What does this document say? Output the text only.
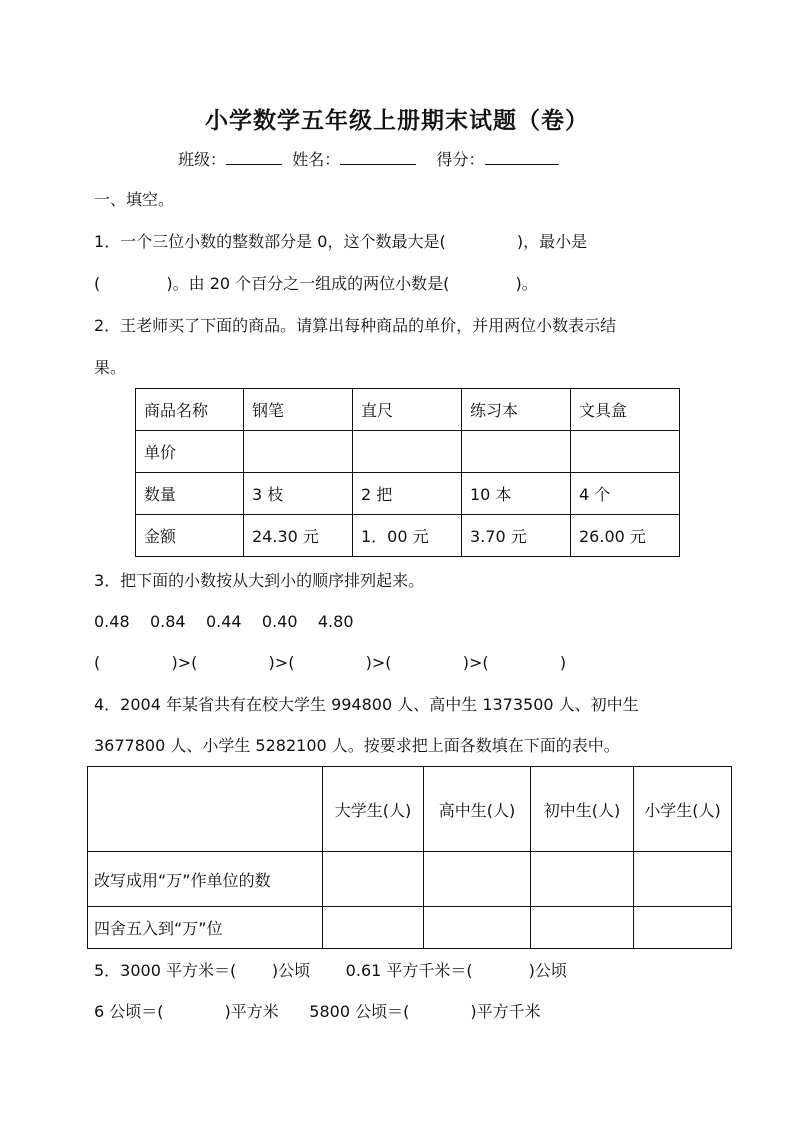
小学数学五年级上册期末试题（卷）
班级：	姓名：	得分：
一、填空。
1．一个三位小数的整数部分是 0，这个数最大是(              )，最小是
(             )。由 20 个百分之一组成的两位小数是(             )。
2．王老师买了下面的商品。请算出每种商品的单价，并用两位小数表示结
果。
商品名称	钢笔	直尺	练习本	文具盒
单价				
数量	3 枝	2 把	10 本	4 个
金额	24.30 元	1．00 元	3.70 元	26.00 元
3．把下面的小数按从大到小的顺序排列起来。
0.48    0.84    0.44    0.40    4.80
(              )>(              )>(              )>(              )>(              )
4．2004 年某省共有在校大学生 994800 人、高中生 1373500 人、初中生
3677800 人、小学生 5282100 人。按要求把上面各数填在下面的表中。
	大学生(人)	高中生(人)	初中生(人)	小学生(人)
改写成用“万”作单位的数				
四舍五入到“万”位				
5．3000 平方米＝(       )公顷       0.61 平方千米＝(           )公顷
6 公顷＝(            )平方米      5800 公顷＝(            )平方千米
